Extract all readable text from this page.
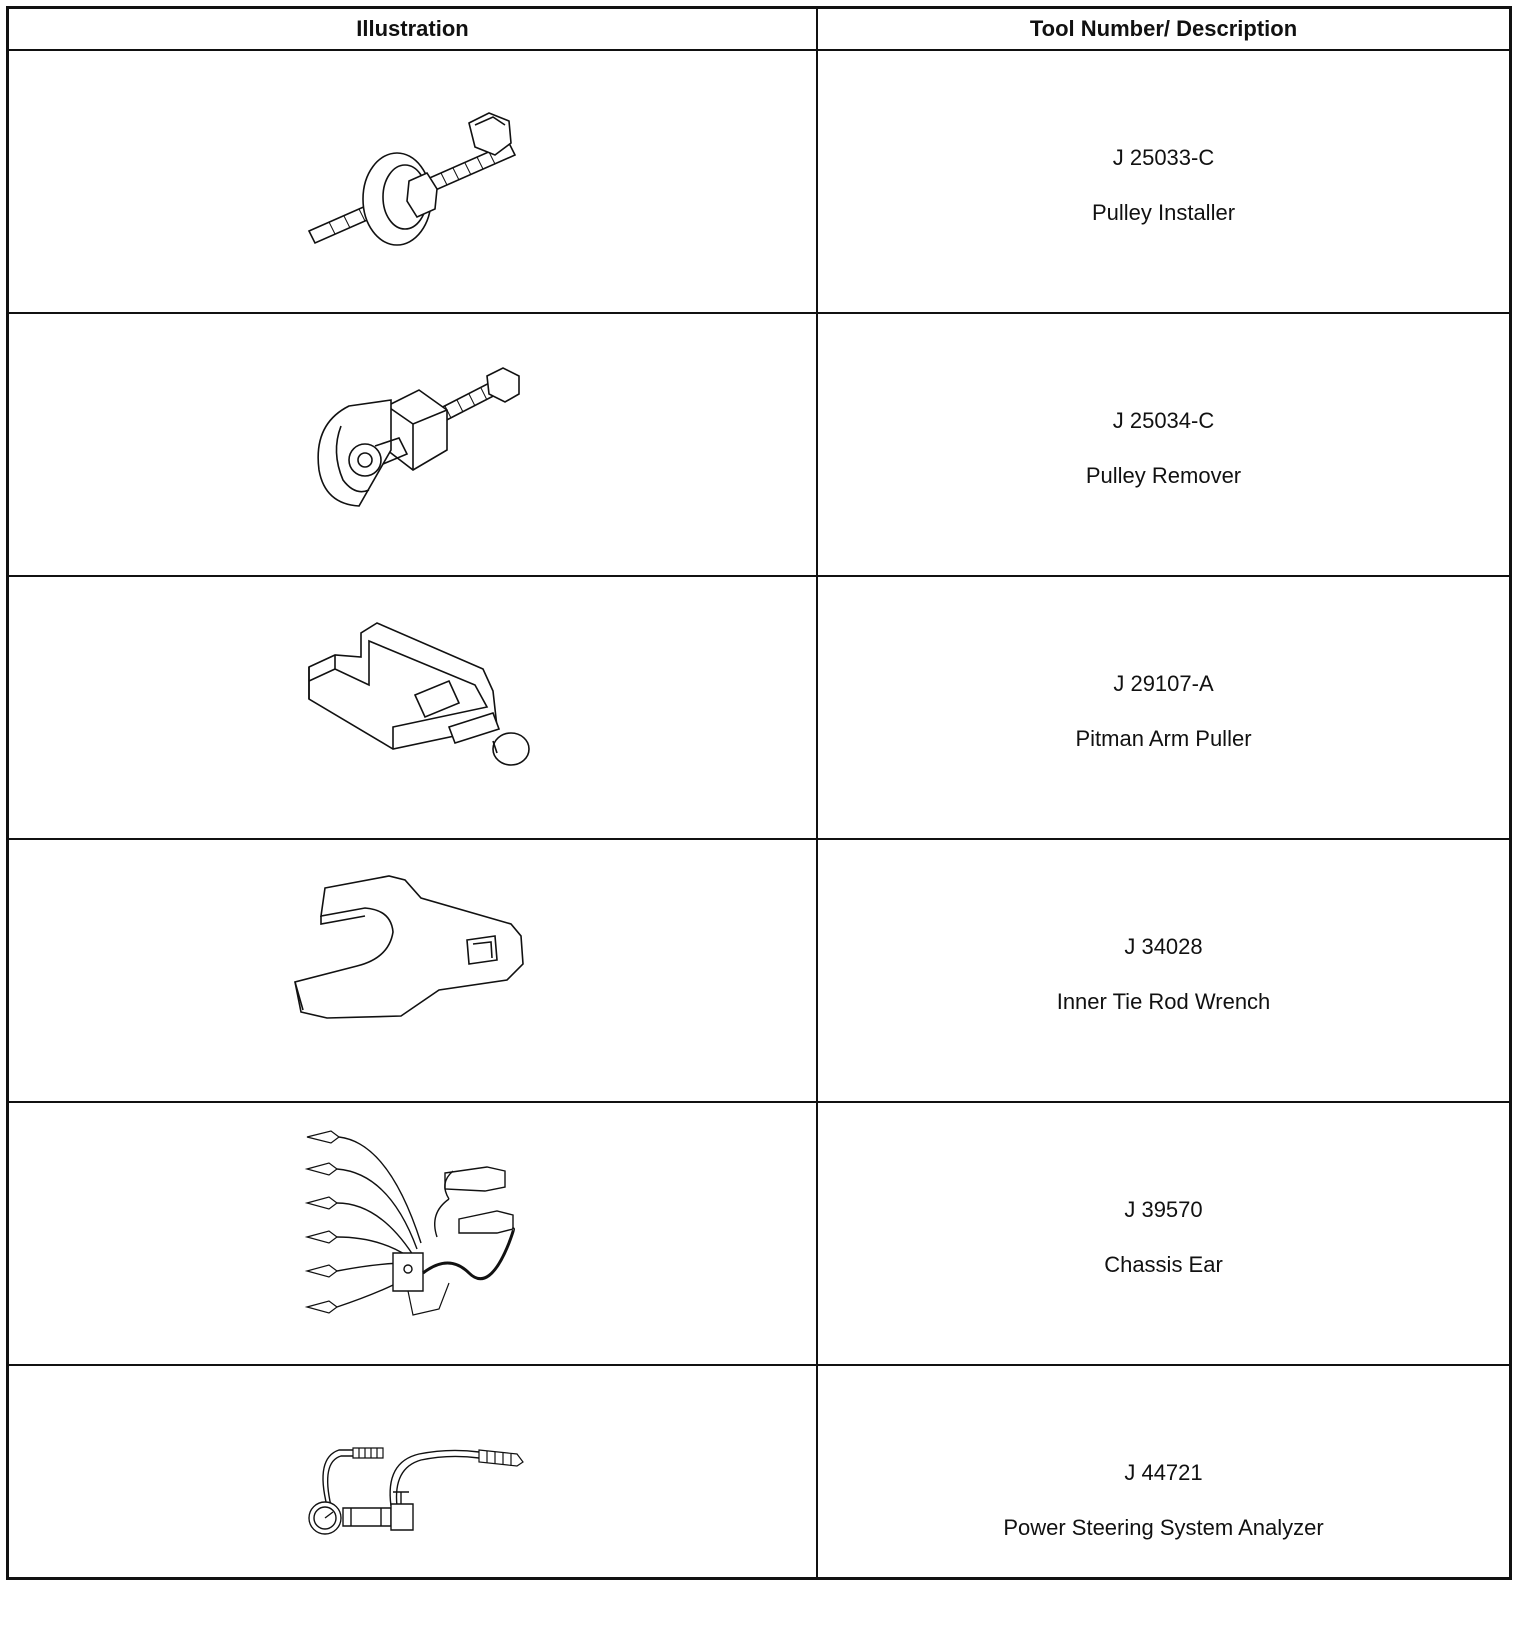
Illustration	Tool Number/ Description
J 25033-C
Pulley Installer
J 25034-C
Pulley Remover
J 29107-A
Pitman Arm Puller
J 34028
Inner Tie Rod Wrench
J 39570
Chassis Ear
J 44721
Power Steering System Analyzer
